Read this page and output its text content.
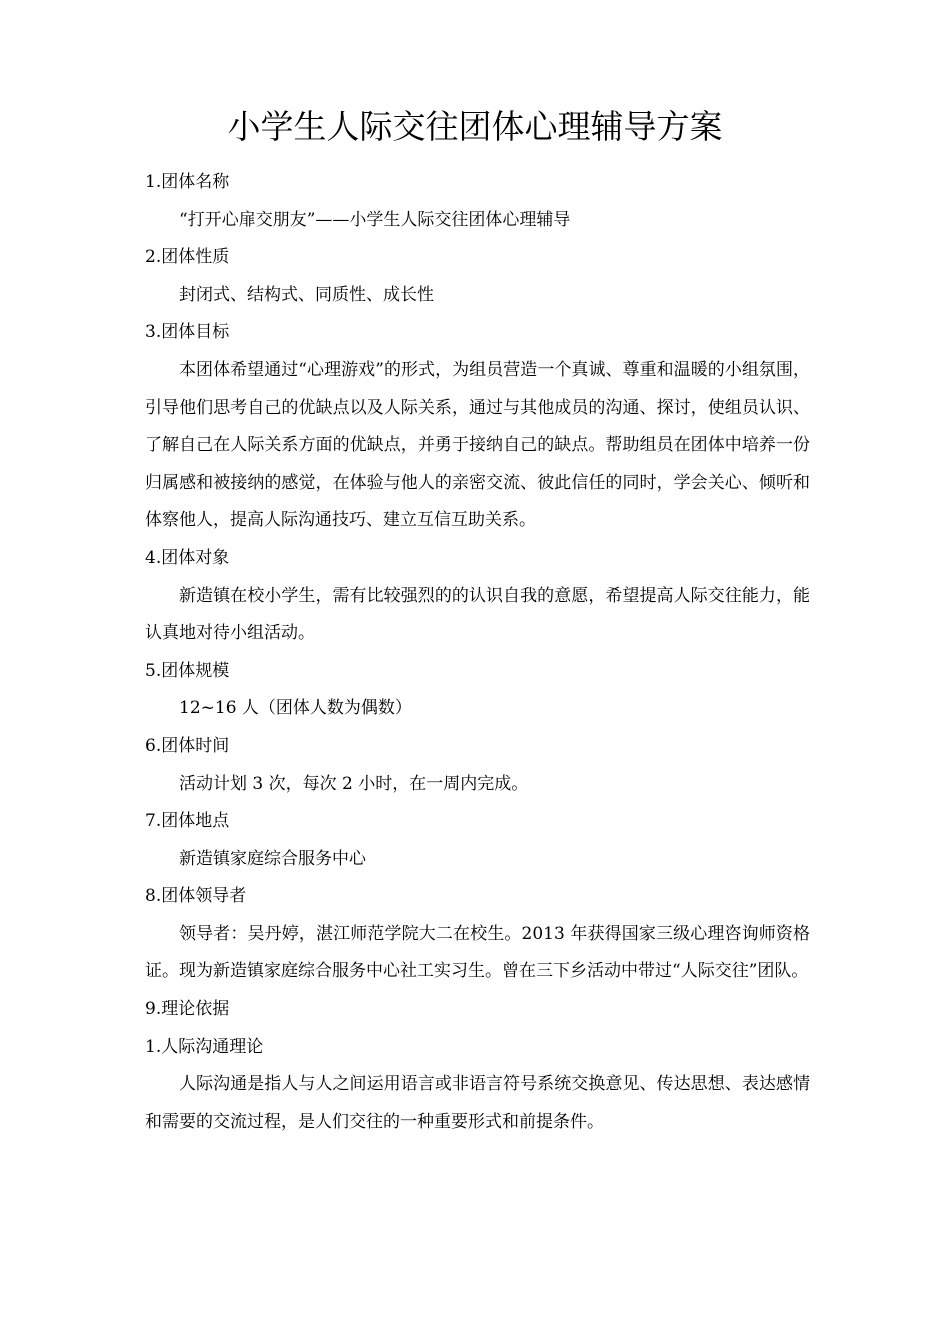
小学生人际交往团体心理辅导方案

1.团体名称

“打开心扉交朋友”——小学生人际交往团体心理辅导

2.团体性质

封闭式、结构式、同质性、成长性

3.团体目标

本团体希望通过“心理游戏”的形式，为组员营造一个真诚、尊重和温暖的小组氛围，引导他们思考自己的优缺点以及人际关系，通过与其他成员的沟通、探讨，使组员认识、了解自己在人际关系方面的优缺点，并勇于接纳自己的缺点。帮助组员在团体中培养一份归属感和被接纳的感觉，在体验与他人的亲密交流、彼此信任的同时，学会关心、倾听和体察他人，提高人际沟通技巧、建立互信互助关系。

4.团体对象

新造镇在校小学生，需有比较强烈的的认识自我的意愿，希望提高人际交往能力，能认真地对待小组活动。

5.团体规模

12~16 人（团体人数为偶数）

6.团体时间

活动计划 3 次，每次 2 小时，在一周内完成。

7.团体地点

新造镇家庭综合服务中心

8.团体领导者

领导者：吴丹婷，湛江师范学院大二在校生。2013 年获得国家三级心理咨询师资格证。现为新造镇家庭综合服务中心社工实习生。曾在三下乡活动中带过“人际交往”团队。

9.理论依据

1.人际沟通理论

人际沟通是指人与人之间运用语言或非语言符号系统交换意见、传达思想、表达感情和需要的交流过程，是人们交往的一种重要形式和前提条件。
